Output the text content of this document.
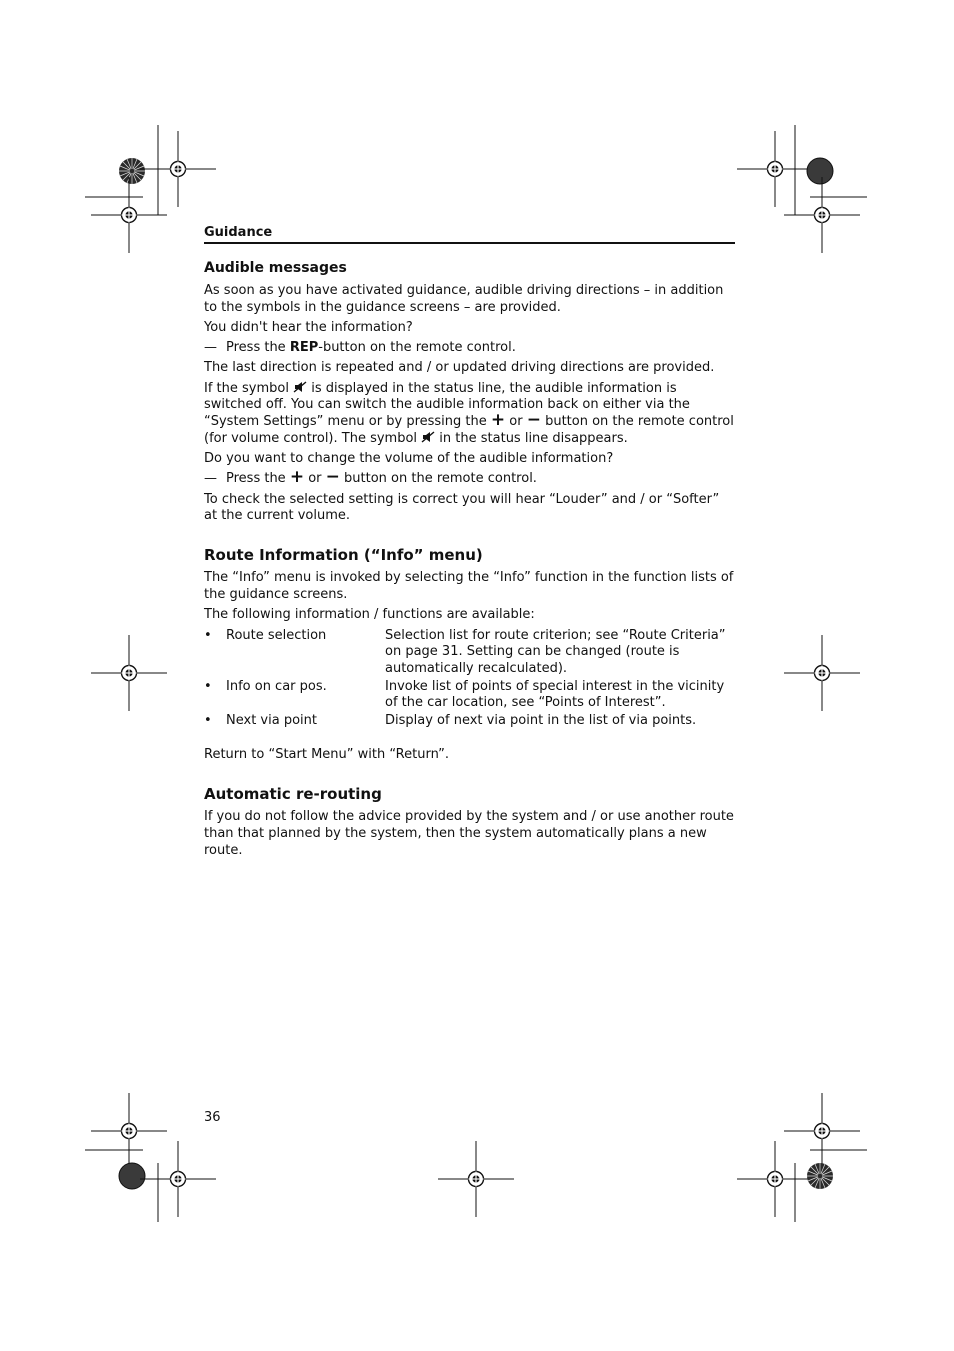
Guidance
Audible messages

As soon as you have activated guidance, audible driving directions – in addition to the symbols in the guidance screens – are provided.

You didn't hear the information?

— Press the REP-button on the remote control.

The last direction is repeated and / or updated driving directions are provided.

If the symbol  is displayed in the status line, the audible information is switched off. You can switch the audible information back on either via the “System Settings” menu or by pressing the + or − button on the remote control (for volume control). The symbol  in the status line disappears.

Do you want to change the volume of the audible information?

— Press the + or − button on the remote control.

To check the selected setting is correct you will hear “Louder” and / or “Softer” at the current volume.

Route Information (“Info” menu)

The “Info” menu is invoked by selecting the “Info” function in the function lists of the guidance screens.

The following information / functions are available:

•	Route selection	Selection list for route criterion; see “Route Criteria” on page 31. Setting can be changed (route is automatically recalculated).
•	Info on car pos.	Invoke list of points of special interest in the vicinity of the car location, see “Points of Interest”.
•	Next via point	Display of next via point in the list of via points.

Return to “Start Menu” with “Return”.

Automatic re-routing

If you do not follow the advice provided by the system and / or use another route than that planned by the system, then the system automatically plans a new route.

36
